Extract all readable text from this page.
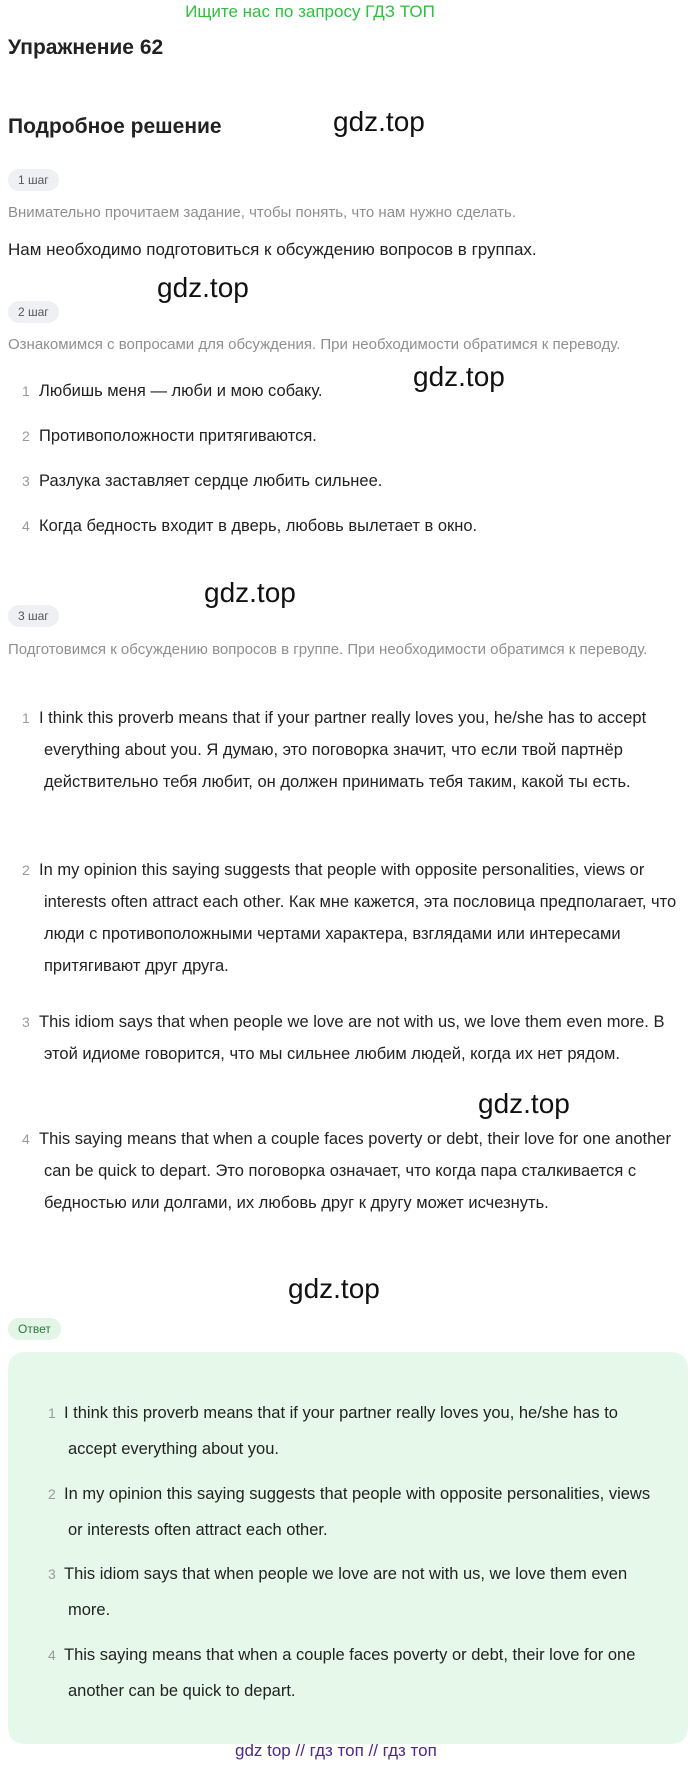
Ищите нас по запросу ГДЗ ТОП
Упражнение 62
Подробное решение	gdz.top
gdz.top
gdz.top
gdz.top
gdz.top
gdz.top
1 шаг
Внимательно прочитаем задание, чтобы понять, что нам нужно сделать.
Нам необходимо подготовиться к обсуждению вопросов в группах.
2 шаг
Ознакомимся с вопросами для обсуждения. При необходимости обратимся к переводу.
1 Любишь меня — люби и мою собаку.
2 Противоположности притягиваются.
3 Разлука заставляет сердце любить сильнее.
4 Когда бедность входит в дверь, любовь вылетает в окно.
3 шаг
Подготовимся к обсуждению вопросов в группе. При необходимости обратимся к переводу.
1 I think this proverb means that if your partner really loves you, he/she has to accept everything about you. Я думаю, это поговорка значит, что если твой партнёр действительно тебя любит, он должен принимать тебя таким, какой ты есть.
2 In my opinion this saying suggests that people with opposite personalities, views or interests often attract each other. Как мне кажется, эта пословица предполагает, что люди с противоположными чертами характера, взглядами или интересами притягивают друг друга.
3 This idiom says that when people we love are not with us, we love them even more. В этой идиоме говорится, что мы сильнее любим людей, когда их нет рядом.
4 This saying means that when a couple faces poverty or debt, their love for one another can be quick to depart. Это поговорка означает, что когда пара сталкивается с бедностью или долгами, их любовь друг к другу может исчезнуть.
Ответ
1 I think this proverb means that if your partner really loves you, he/she has to accept everything about you.
2 In my opinion this saying suggests that people with opposite personalities, views or interests often attract each other.
3 This idiom says that when people we love are not with us, we love them even more.
4 This saying means that when a couple faces poverty or debt, their love for one another can be quick to depart.
gdz top // гдз топ // гдз топ
